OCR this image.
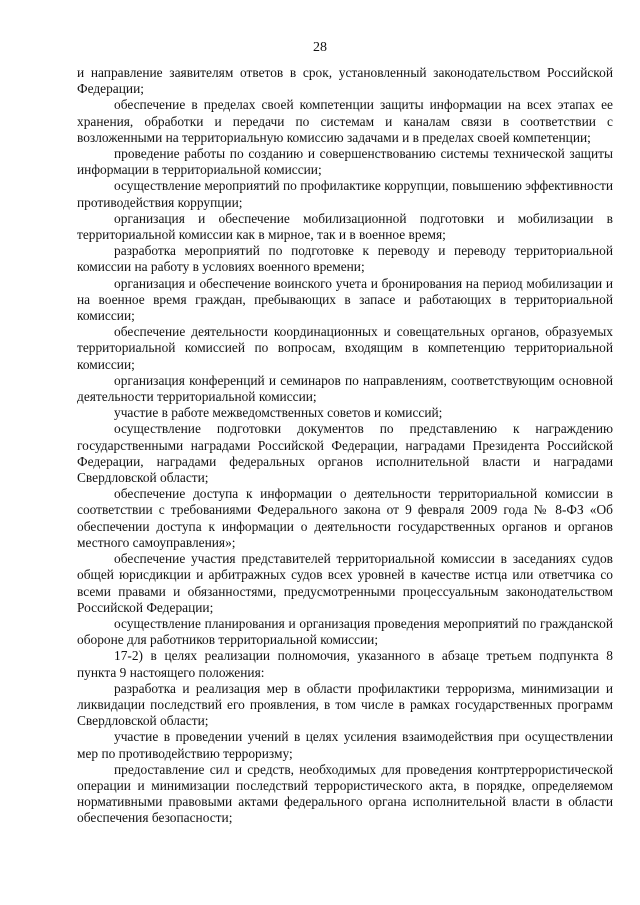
28

и направление заявителям ответов в срок, установленный законодательством Российской Федерации;

обеспечение в пределах своей компетенции защиты информации на всех этапах ее хранения, обработки и передачи по системам и каналам связи в соответствии с возложенными на территориальную комиссию задачами и в пределах своей компетенции;

проведение работы по созданию и совершенствованию системы технической защиты информации в территориальной комиссии;

осуществление мероприятий по профилактике коррупции, повышению эффективности противодействия коррупции;

организация и обеспечение мобилизационной подготовки и мобилизации в территориальной комиссии как в мирное, так и в военное время;

разработка мероприятий по подготовке к переводу и переводу территориальной комиссии на работу в условиях военного времени;

организация и обеспечение воинского учета и бронирования на период мобилизации и на военное время граждан, пребывающих в запасе и работающих в территориальной комиссии;

обеспечение деятельности координационных и совещательных органов, образуемых территориальной комиссией по вопросам, входящим в компетенцию территориальной комиссии;

организация конференций и семинаров по направлениям, соответствующим основной деятельности территориальной комиссии;

участие в работе межведомственных советов и комиссий;

осуществление подготовки документов по представлению к награждению государственными наградами Российской Федерации, наградами Президента Российской Федерации, наградами федеральных органов исполнительной власти и наградами Свердловской области;

обеспечение доступа к информации о деятельности территориальной комиссии в соответствии с требованиями Федерального закона от 9 февраля 2009 года № 8-ФЗ «Об обеспечении доступа к информации о деятельности государственных органов и органов местного самоуправления»;

обеспечение участия представителей территориальной комиссии в заседаниях судов общей юрисдикции и арбитражных судов всех уровней в качестве истца или ответчика со всеми правами и обязанностями, предусмотренными процессуальным законодательством Российской Федерации;

осуществление планирования и организация проведения мероприятий по гражданской обороне для работников территориальной комиссии;

17-2) в целях реализации полномочия, указанного в абзаце третьем подпункта 8 пункта 9 настоящего положения:

разработка и реализация мер в области профилактики терроризма, минимизации и ликвидации последствий его проявления, в том числе в рамках государственных программ Свердловской области;

участие в проведении учений в целях усиления взаимодействия при осуществлении мер по противодействию терроризму;

предоставление сил и средств, необходимых для проведения контртеррористической операции и минимизации последствий террористического акта, в порядке, определяемом нормативными правовыми актами федерального органа исполнительной власти в области обеспечения безопасности;
